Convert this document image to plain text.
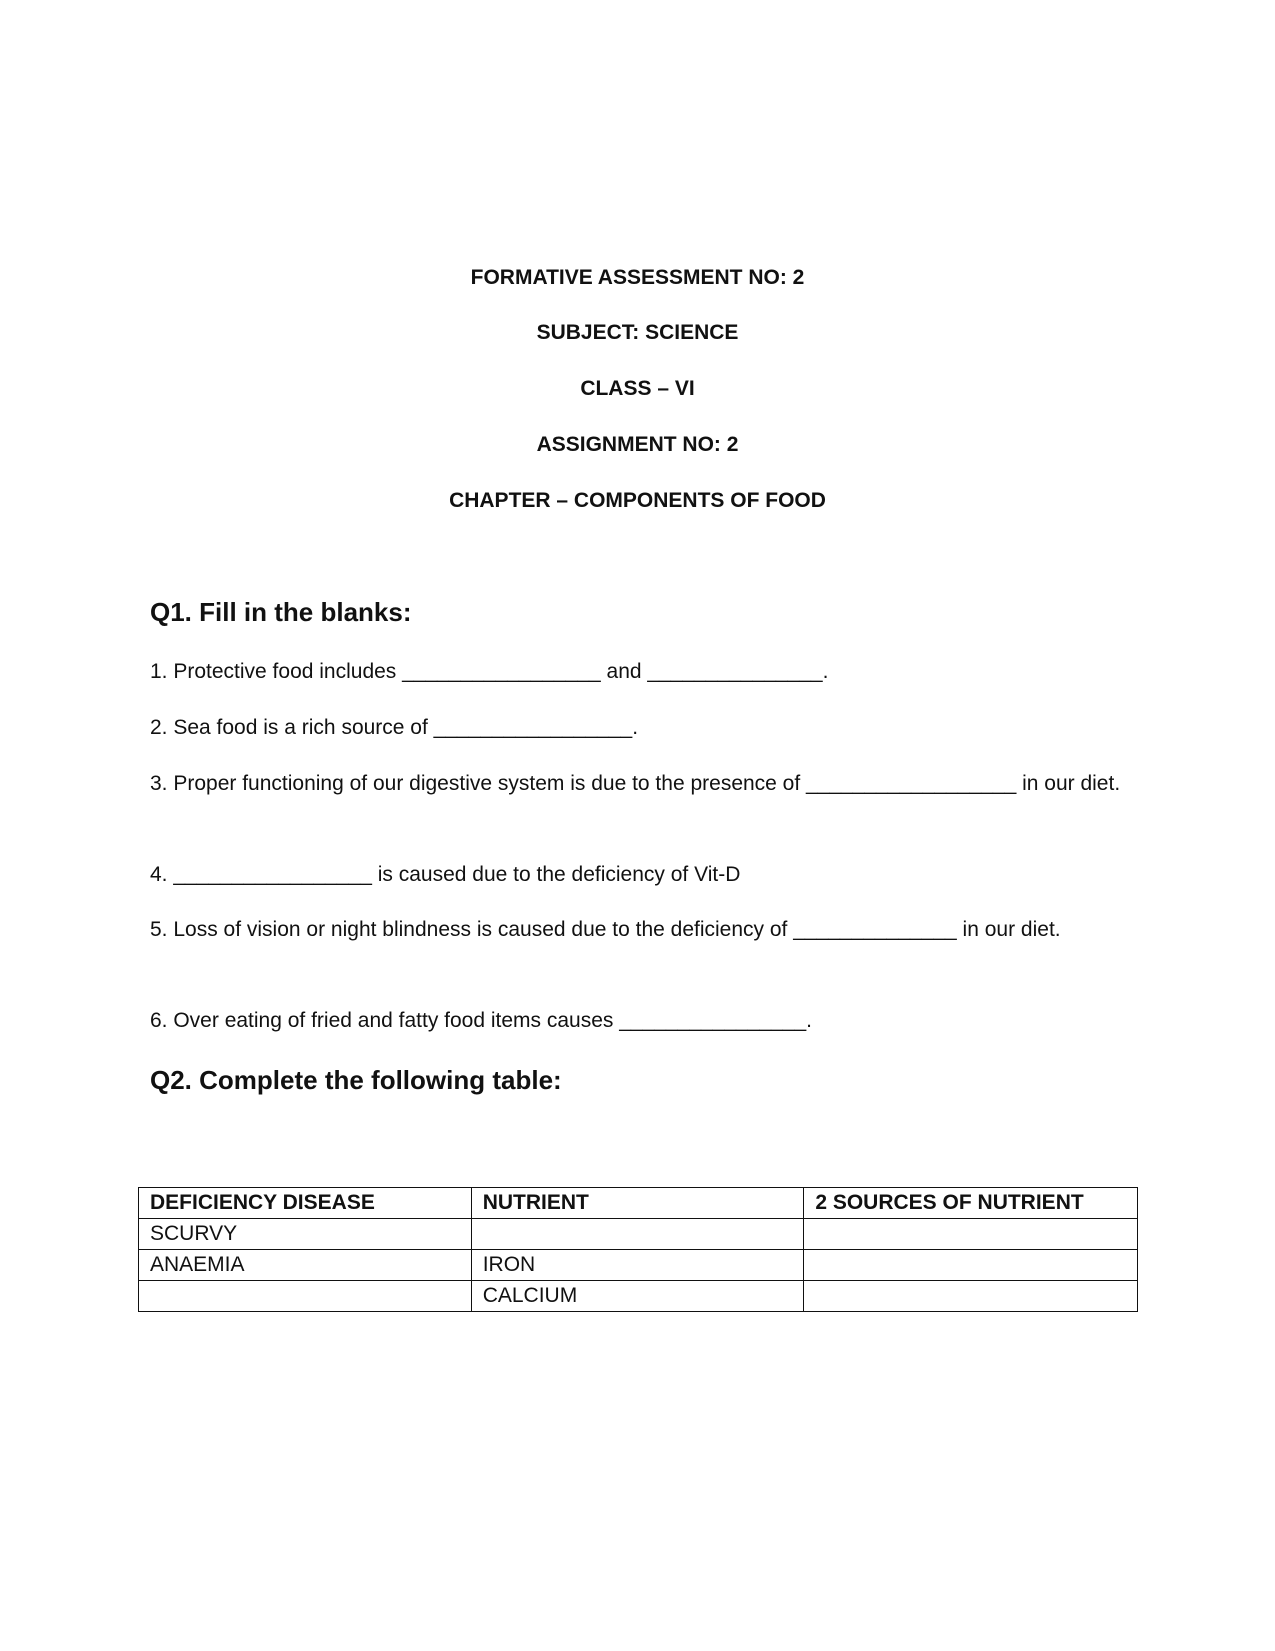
FORMATIVE ASSESSMENT NO: 2
SUBJECT: SCIENCE
CLASS – VI
ASSIGNMENT NO: 2
CHAPTER – COMPONENTS OF FOOD
Q1. Fill in the blanks:
1. Protective food includes _________________ and _______________.
2. Sea food is a rich source of _________________.
3. Proper functioning of our digestive system is due to the presence of __________________ in our diet.
4. _________________ is caused due to the deficiency of Vit-D
5. Loss of vision or night blindness is caused due to the deficiency of ______________ in our diet.
6. Over eating of fried and fatty food items causes ________________.
Q2. Complete the following table:
DEFICIENCY DISEASE	NUTRIENT	2 SOURCES OF NUTRIENT
SCURVY		
ANAEMIA	IRON	
	CALCIUM	
